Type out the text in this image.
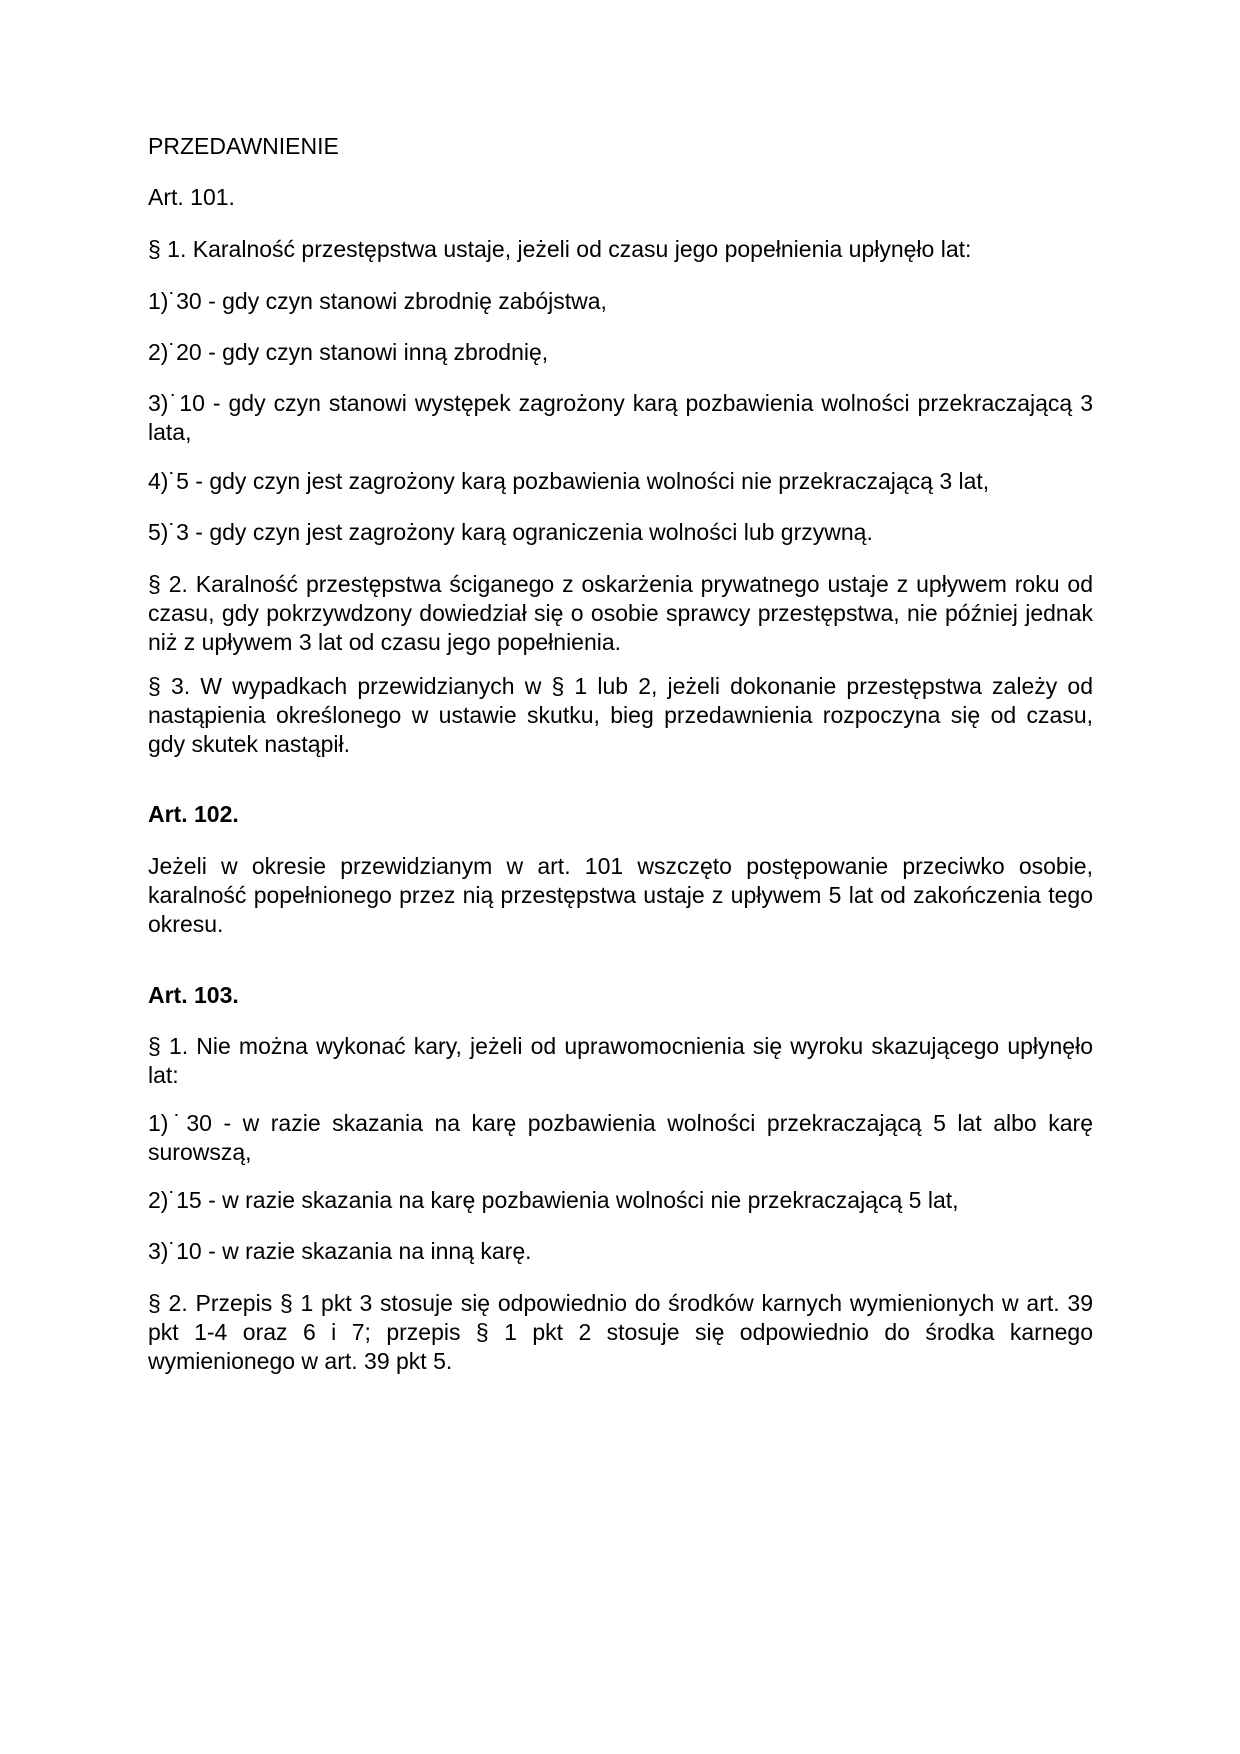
PRZEDAWNIENIE

Art. 101.

§ 1. Karalność przestępstwa ustaje, jeżeli od czasu jego popełnienia upłynęło lat:

1)˙30 - gdy czyn stanowi zbrodnię zabójstwa,

2)˙20 - gdy czyn stanowi inną zbrodnię,

3)˙10 - gdy czyn stanowi występek zagrożony karą pozbawienia wolności przekraczającą 3 lata,

4)˙5 - gdy czyn jest zagrożony karą pozbawienia wolności nie przekraczającą 3 lat,

5)˙3 - gdy czyn jest zagrożony karą ograniczenia wolności lub grzywną.

§ 2. Karalność przestępstwa ściganego z oskarżenia prywatnego ustaje z upływem roku od czasu, gdy pokrzywdzony dowiedział się o osobie sprawcy przestępstwa, nie później jednak niż z upływem 3 lat od czasu jego popełnienia.

§ 3. W wypadkach przewidzianych w § 1 lub 2, jeżeli dokonanie przestępstwa zależy od nastąpienia określonego w ustawie skutku, bieg przedawnienia rozpoczyna się od czasu, gdy skutek nastąpił.

Art. 102.

Jeżeli w okresie przewidzianym w art. 101 wszczęto postępowanie przeciwko osobie, karalność popełnionego przez nią przestępstwa ustaje z upływem 5 lat od zakończenia tego okresu.

Art. 103.

§ 1. Nie można wykonać kary, jeżeli od uprawomocnienia się wyroku skazującego upłynęło lat:

1)˙30 - w razie skazania na karę pozbawienia wolności przekraczającą 5 lat albo karę surowszą,

2)˙15 - w razie skazania na karę pozbawienia wolności nie przekraczającą 5 lat,

3)˙10 - w razie skazania na inną karę.

§ 2. Przepis § 1 pkt 3 stosuje się odpowiednio do środków karnych wymienionych w art. 39 pkt 1-4 oraz 6 i 7; przepis § 1 pkt 2 stosuje się odpowiednio do środka karnego wymienionego w art. 39 pkt 5.
